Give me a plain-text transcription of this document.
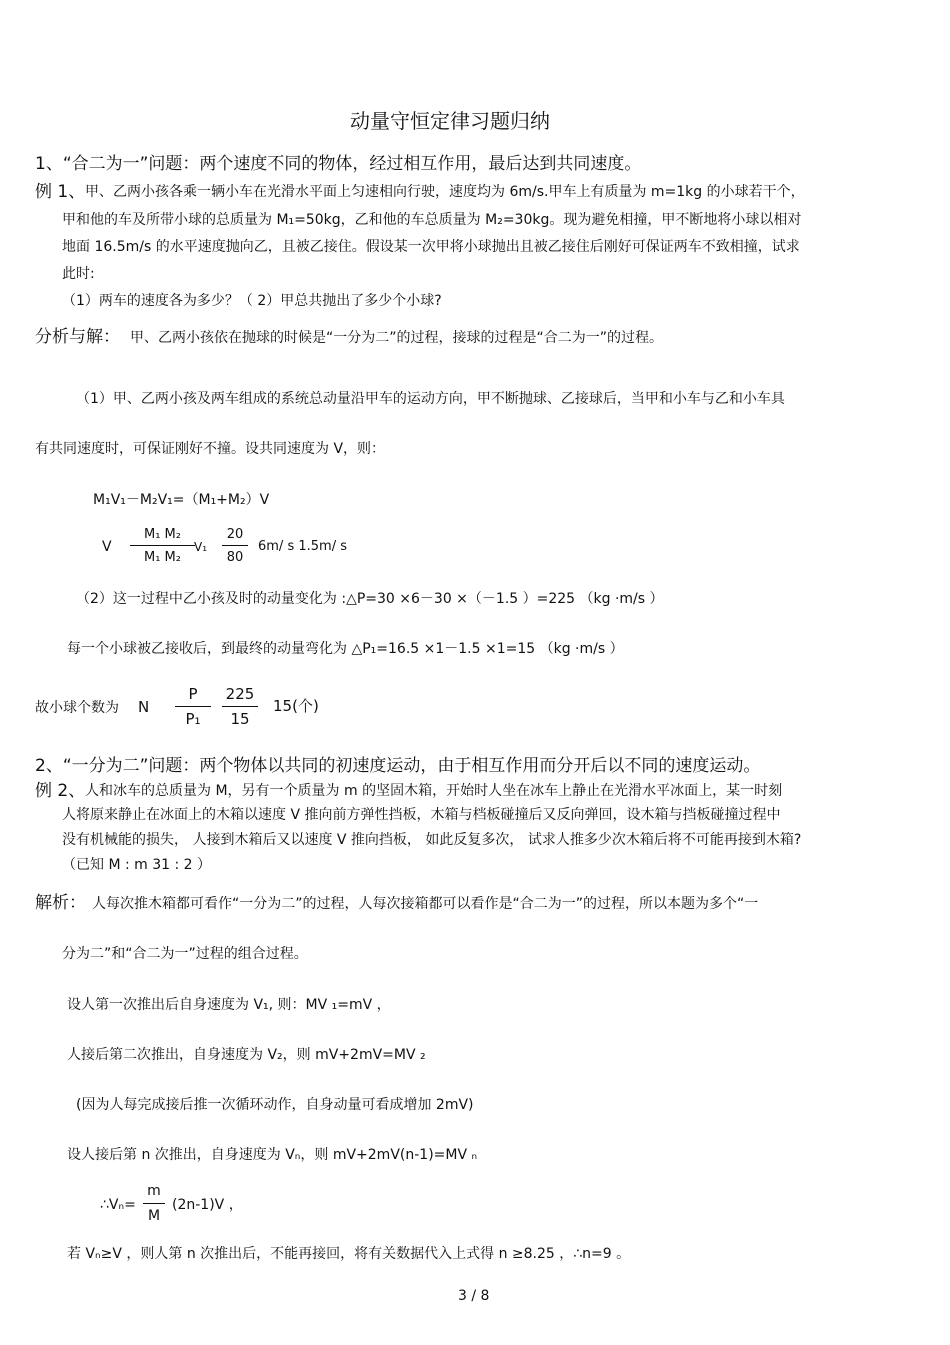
动量守恒定律习题归纳
1、“合二为一”问题：两个速度不同的物体，经过相互作用，最后达到共同速度。
例 1、 甲、乙两小孩各乘一辆小车在光滑水平面上匀速相向行驶，速度均为 6m/s.甲车上有质量为 m=1kg 的小球若干个，
甲和他的车及所带小球的总质量为 M₁=50kg，乙和他的车总质量为 M₂=30kg。现为避免相撞，甲不断地将小球以相对
地面 16.5m/s 的水平速度抛向乙，且被乙接住。假设某一次甲将小球抛出且被乙接住后刚好可保证两车不致相撞，试求
此时:
（1）两车的速度各为多少？（ 2）甲总共抛出了多少个小球?
分析与解： 甲、乙两小孩依在抛球的时候是“一分为二”的过程，接球的过程是“合二为一”的过程。
（1）甲、乙两小孩及两车组成的系统总动量沿甲车的运动方向，甲不断抛球、乙接球后，当甲和小车与乙和小车具
有共同速度时，可保证刚好不撞。设共同速度为 V，则：
M₁V₁－M₂V₁=（M₁+M₂）V
V
M₁ M₂
M₁ M₂
V₁
20
80
6m/ s 1.5m/ s
（2）这一过程中乙小孩及时的动量变化为 :△P=30 ×6－30 ×（－1.5 ）=225 （kg ·m/s ）
每一个小球被乙接收后，到最终的动量弯化为 △P₁=16.5 ×1－1.5 ×1=15 （kg ·m/s ）
故小球个数为 N
P
P₁
225
15
15(个)
2、“一分为二”问题：两个物体以共同的初速度运动，由于相互作用而分开后以不同的速度运动。
例 2、 人和冰车的总质量为 M，另有一个质量为 m 的坚固木箱，开始时人坐在冰车上静止在光滑水平冰面上，某一时刻
人将原来静止在冰面上的木箱以速度 V 推向前方弹性挡板，木箱与档板碰撞后又反向弹回，设木箱与挡板碰撞过程中
没有机械能的损失， 人接到木箱后又以速度 V 推向挡板， 如此反复多次， 试求人推多少次木箱后将不可能再接到木箱?
（已知 M : m 31 : 2 ）
解析： 人每次推木箱都可看作“一分为二”的过程，人每次接箱都可以看作是“合二为一”的过程，所以本题为多个“一
分为二”和“合二为一”过程的组合过程。
设人第一次推出后自身速度为 V₁, 则：MV ₁=mV ，
人接后第二次推出，自身速度为 V₂，则 mV+2mV=MV ₂
(因为人每完成接后推一次循环动作，自身动量可看成增加 2mV)
设人接后第 n 次推出，自身速度为 Vₙ，则 mV+2mV(n-1)=MV ₙ
∴Vₙ=
m
M
(2n-1)V ，
若 Vₙ≥V ，则人第 n 次推出后，不能再接回，将有关数据代入上式得 n ≥8.25 ，∴n=9 。
3 / 8
